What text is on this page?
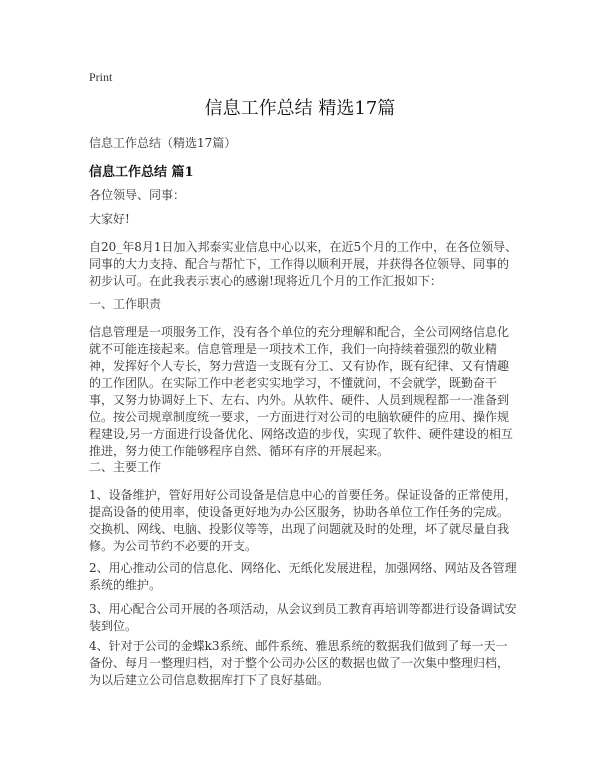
Print
信息工作总结 精选17篇
信息工作总结（精选17篇）
信息工作总结 篇1

各位领导、同事：

大家好!

自20_年8月1日加入邦泰实业信息中心以来，在近5个月的工作中，在各位领导、同事的大力支持、配合与帮忙下，工作得以顺利开展，并获得各位领导、同事的初步认可。在此我表示衷心的感谢!现将近几个月的工作汇报如下：

一、工作职责

信息管理是一项服务工作，没有各个单位的充分理解和配合，全公司网络信息化就不可能连接起来。信息管理是一项技术工作，我们一向持续着强烈的敬业精神，发挥好个人专长，努力营造一支既有分工、又有协作，既有纪律、又有情趣的工作团队。在实际工作中老老实实地学习，不懂就问，不会就学，既勤奋干事，又努力协调好上下、左右、内外。从软件、硬件、人员到规程都一一准备到位。按公司规章制度统一要求，一方面进行对公司的电脑软硬件的应用、操作规程建设,另一方面进行设备优化、网络改造的步伐，实现了软件、硬件建设的相互推进，努力使工作能够程序自然、循环有序的开展起来。

二、主要工作

1、设备维护，管好用好公司设备是信息中心的首要任务。保证设备的正常使用，提高设备的使用率，使设备更好地为办公区服务，协助各单位工作任务的完成。交换机、网线、电脑、投影仪等等，出现了问题就及时的处理，坏了就尽量自我修。为公司节约不必要的开支。

2、用心推动公司的信息化、网络化、无纸化发展进程，加强网络、网站及各管理系统的维护。

3、用心配合公司开展的各项活动，从会议到员工教育再培训等都进行设备调试安装到位。

4、针对于公司的金蝶k3系统、邮件系统、雅思系统的数据我们做到了每一天一备份、每月一整理归档，对于整个公司办公区的数据也做了一次集中整理归档，为以后建立公司信息数据库打下了良好基础。
